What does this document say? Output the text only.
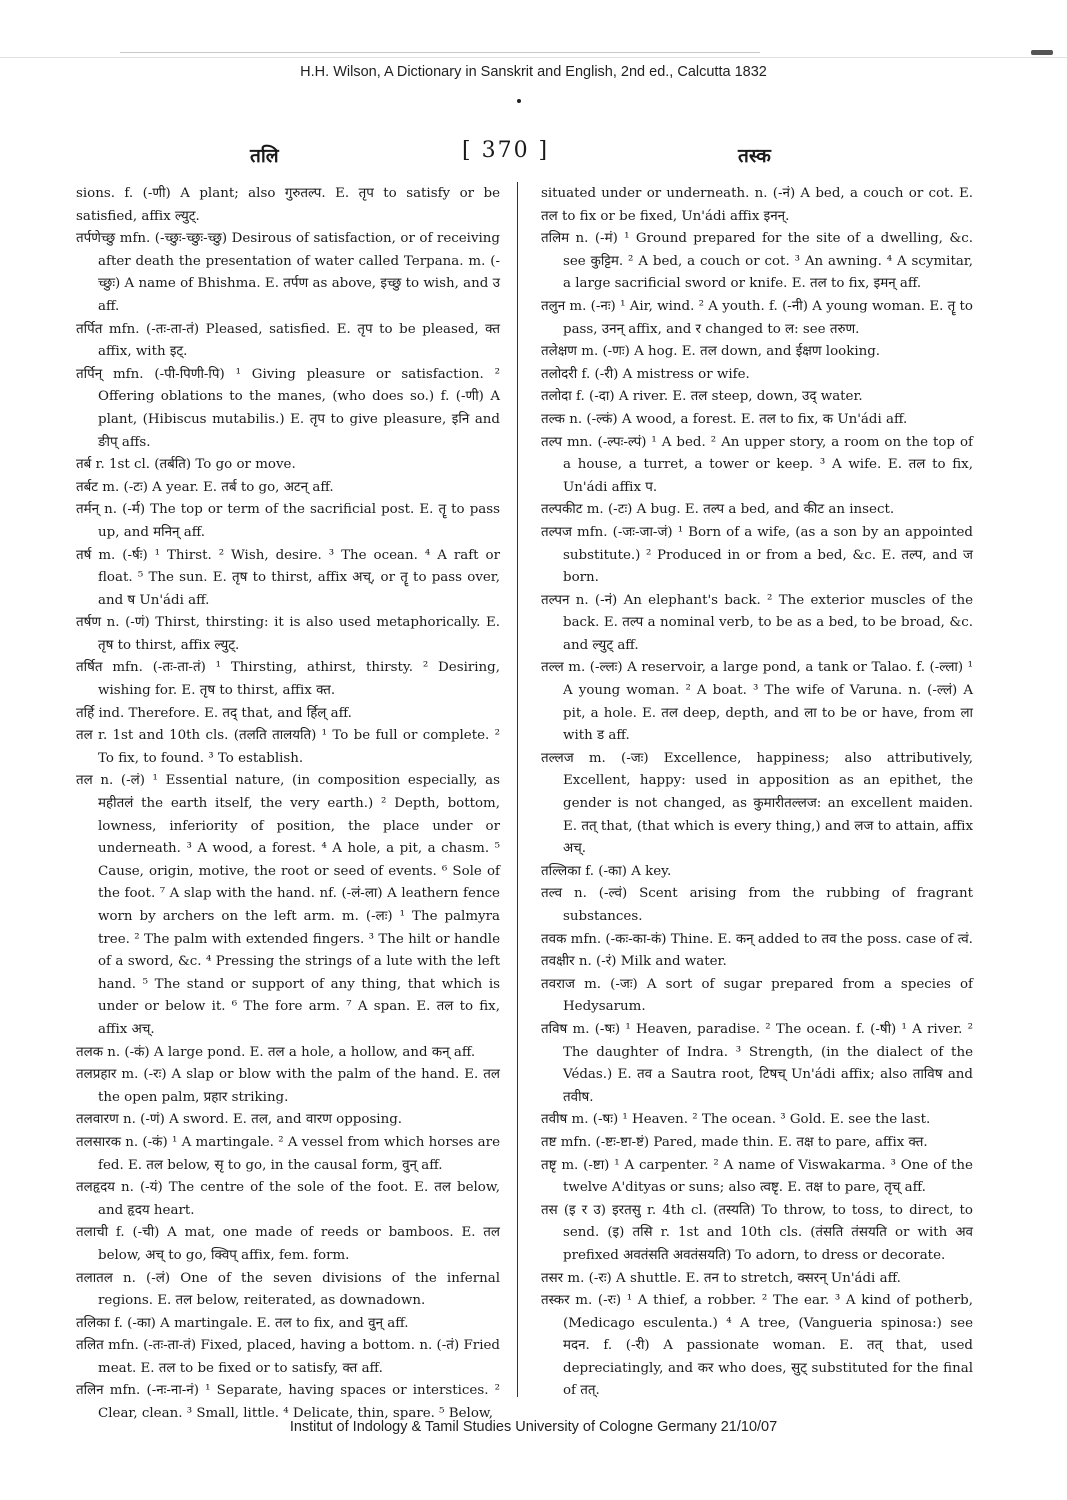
H.H. Wilson, A Dictionary in Sanskrit and English, 2nd ed., Calcutta 1832
तलि	[ 370 ]	तस्क

sions. f. (-णी) A plant; also गुरुतल्प. E. तृप to satisfy or be satisfied, affix ल्युट्.

तर्पणेच्छु mfn. (-च्छुः-च्छुः-च्छु) Desirous of satisfaction, or of receiving after death the presentation of water called Terpana. m. (-च्छुः) A name of Bhishma. E. तर्पण as above, इच्छु to wish, and उ aff.

तर्पित mfn. (-तः-ता-तं) Pleased, satisfied. E. तृप to be pleased, क्त affix, with इट्.

तर्पिन् mfn. (-पी-पिणी-पि) ¹ Giving pleasure or satisfaction. ² Offering oblations to the manes, (who does so.) f. (-णी) A plant, (Hibiscus mutabilis.) E. तृप to give pleasure, इनि and ङीप् affs.

तर्ब r. 1st cl. (तर्बति) To go or move.

तर्बट m. (-टः) A year. E. तर्ब to go, अटन् aff.

तर्मन् n. (-र्म) The top or term of the sacrificial post. E. तॄ to pass up, and मनिन् aff.

तर्ष m. (-र्षः) ¹ Thirst. ² Wish, desire. ³ The ocean. ⁴ A raft or float. ⁵ The sun. E. तृष to thirst, affix अच्, or तॄ to pass over, and ष Un'ádi aff.

तर्षण n. (-णं) Thirst, thirsting: it is also used metaphorically. E. तृष to thirst, affix ल्युट्.

तर्षित mfn. (-तः-ता-तं) ¹ Thirsting, athirst, thirsty. ² Desiring, wishing for. E. तृष to thirst, affix क्त.

तर्हि ind. Therefore. E. तद् that, and र्हिल् aff.

तल r. 1st and 10th cls. (तलति तालयति) ¹ To be full or complete. ² To fix, to found. ³ To establish.

तल n. (-लं) ¹ Essential nature, (in composition especially, as महीतलं the earth itself, the very earth.) ² Depth, bottom, lowness, inferiority of position, the place under or underneath. ³ A wood, a forest. ⁴ A hole, a pit, a chasm. ⁵ Cause, origin, motive, the root or seed of events. ⁶ Sole of the foot. ⁷ A slap with the hand. nf. (-लं-ला) A leathern fence worn by archers on the left arm. m. (-लः) ¹ The palmyra tree. ² The palm with extended fingers. ³ The hilt or handle of a sword, &c. ⁴ Pressing the strings of a lute with the left hand. ⁵ The stand or support of any thing, that which is under or below it. ⁶ The fore arm. ⁷ A span. E. तल to fix, affix अच्.

तलक n. (-कं) A large pond. E. तल a hole, a hollow, and कन् aff.

तलप्रहार m. (-रः) A slap or blow with the palm of the hand. E. तल the open palm, प्रहार striking.

तलवारण n. (-णं) A sword. E. तल, and वारण opposing.

तलसारक n. (-कं) ¹ A martingale. ² A vessel from which horses are fed. E. तल below, सृ to go, in the causal form, वुन् aff.

तलहृदय n. (-यं) The centre of the sole of the foot. E. तल below, and हृदय heart.

तलाची f. (-ची) A mat, one made of reeds or bamboos. E. तल below, अच् to go, क्विप् affix, fem. form.

तलातल n. (-लं) One of the seven divisions of the infernal regions. E. तल below, reiterated, as downadown.

तलिका f. (-का) A martingale. E. तल to fix, and वुन् aff.

तलित mfn. (-तः-ता-तं) Fixed, placed, having a bottom. n. (-तं) Fried meat. E. तल to be fixed or to satisfy, क्त aff.

तलिन mfn. (-नः-ना-नं) ¹ Separate, having spaces or interstices. ² Clear, clean. ³ Small, little. ⁴ Delicate, thin, spare. ⁵ Below,

situated under or underneath. n. (-नं) A bed, a couch or cot. E. तल to fix or be fixed, Un'ádi affix इनन्.

तलिम n. (-मं) ¹ Ground prepared for the site of a dwelling, &c. see कुट्टिम. ² A bed, a couch or cot. ³ An awning. ⁴ A scymitar, a large sacrificial sword or knife. E. तल to fix, इमन् aff.

तलुन m. (-नः) ¹ Air, wind. ² A youth. f. (-नी) A young woman. E. तॄ to pass, उनन् affix, and र changed to ल: see तरुण.

तलेक्षण m. (-णः) A hog. E. तल down, and ईक्षण looking.

तलोदरी f. (-री) A mistress or wife.

तलोदा f. (-दा) A river. E. तल steep, down, उद् water.

तल्क n. (-ल्कं) A wood, a forest. E. तल to fix, क Un'ádi aff.

तल्प mn. (-ल्पः-ल्पं) ¹ A bed. ² An upper story, a room on the top of a house, a turret, a tower or keep. ³ A wife. E. तल to fix, Un'ádi affix प.

तल्पकीट m. (-टः) A bug. E. तल्प a bed, and कीट an insect.

तल्पज mfn. (-जः-जा-जं) ¹ Born of a wife, (as a son by an appointed substitute.) ² Produced in or from a bed, &c. E. तल्प, and ज born.

तल्पन n. (-नं) An elephant's back. ² The exterior muscles of the back. E. तल्प a nominal verb, to be as a bed, to be broad, &c. and ल्युट् aff.

तल्ल m. (-ल्लः) A reservoir, a large pond, a tank or Talao. f. (-ल्ला) ¹ A young woman. ² A boat. ³ The wife of Varuna. n. (-ल्लं) A pit, a hole. E. तल deep, depth, and ला to be or have, from ला with ड aff.

तल्लज m. (-जः) Excellence, happiness; also attributively, Excellent, happy: used in apposition as an epithet, the gender is not changed, as कुमारीतल्लज: an excellent maiden. E. तत् that, (that which is every thing,) and लज to attain, affix अच्.

तल्लिका f. (-का) A key.

तल्व n. (-ल्वं) Scent arising from the rubbing of fragrant substances.

तवक mfn. (-कः-का-कं) Thine. E. कन् added to तव the poss. case of त्वं.

तवक्षीर n. (-रं) Milk and water.

तवराज m. (-जः) A sort of sugar prepared from a species of Hedysarum.

तविष m. (-षः) ¹ Heaven, paradise. ² The ocean. f. (-षी) ¹ A river. ² The daughter of Indra. ³ Strength, (in the dialect of the Védas.) E. तव a Sautra root, टिषच् Un'ádi affix; also ताविष and तवीष.

तवीष m. (-षः) ¹ Heaven. ² The ocean. ³ Gold. E. see the last.

तष्ट mfn. (-ष्टः-ष्टा-ष्टं) Pared, made thin. E. तक्ष to pare, affix क्त.

तष्टृ m. (-ष्टा) ¹ A carpenter. ² A name of Viswakarma. ³ One of the twelve A'dityas or suns; also त्वष्टृ. E. तक्ष to pare, तृच् aff.

तस (इ र उ) इरतसु r. 4th cl. (तस्यति) To throw, to toss, to direct, to send. (इ) तसि r. 1st and 10th cls. (तंसति तंसयति or with अव prefixed अवतंसति अवतंसयति) To adorn, to dress or decorate.

तसर m. (-रः) A shuttle. E. तन to stretch, क्सरन् Un'ádi aff.

तस्कर m. (-रः) ¹ A thief, a robber. ² The ear. ³ A kind of potherb, (Medicago esculenta.) ⁴ A tree, (Vangueria spinosa:) see मदन. f. (-री) A passionate woman. E. तत् that, used depreciatingly, and कर who does, सुट् substituted for the final of तत्.

Institut of Indology & Tamil Studies University of Cologne Germany 21/10/07
